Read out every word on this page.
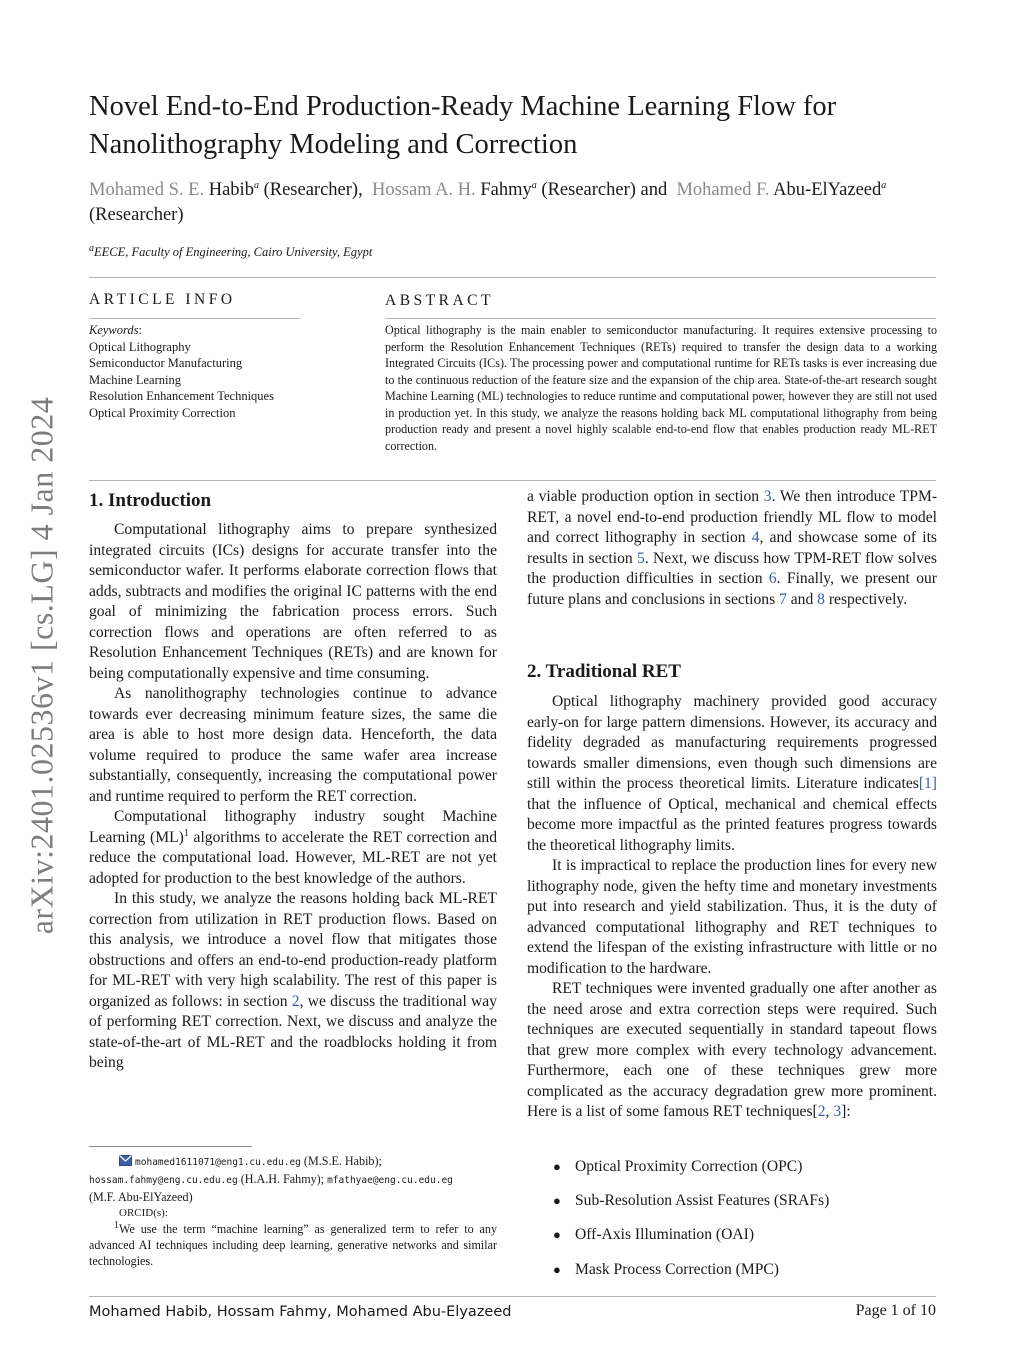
arXiv:2401.02536v1 [cs.LG] 4 Jan 2024
Novel End-to-End Production-Ready Machine Learning Flow for Nanolithography Modeling and Correction
Mohamed S. E. Habib$^a$ (Researcher), Hossam A. H. Fahmy$^a$ (Researcher) and Mohamed F. Abu-ElYazeed$^a$ (Researcher)
$^a$EECE, Faculty of Engineering, Cairo University, Egypt
ARTICLE INFO
Keywords:
Optical Lithography
Semiconductor Manufacturing
Machine Learning
Resolution Enhancement Techniques
Optical Proximity Correction
ABSTRACT
Optical lithography is the main enabler to semiconductor manufacturing. It requires extensive processing to perform the Resolution Enhancement Techniques (RETs) required to transfer the design data to a working Integrated Circuits (ICs). The processing power and computational runtime for RETs tasks is ever increasing due to the continuous reduction of the feature size and the expansion of the chip area. State-of-the-art research sought Machine Learning (ML) technologies to reduce runtime and computational power, however they are still not used in production yet. In this study, we analyze the reasons holding back ML computational lithography from being production ready and present a novel highly scalable end-to-end flow that enables production ready ML-RET correction.
1. Introduction

Computational lithography aims to prepare synthesized integrated circuits (ICs) designs for accurate transfer into the semiconductor wafer. It performs elaborate correction flows that adds, subtracts and modifies the original IC patterns with the end goal of minimizing the fabrication process errors. Such correction flows and operations are often referred to as Resolution Enhancement Techniques (RETs) and are known for being computationally expensive and time consuming.

As nanolithography technologies continue to advance towards ever decreasing minimum feature sizes, the same die area is able to host more design data. Henceforth, the data volume required to produce the same wafer area increase substantially, consequently, increasing the computational power and runtime required to perform the RET correction.

Computational lithography industry sought Machine Learning (ML)$^1$ algorithms to accelerate the RET correction and reduce the computational load. However, ML-RET are not yet adopted for production to the best knowledge of the authors.

In this study, we analyze the reasons holding back ML-RET correction from utilization in RET production flows. Based on this analysis, we introduce a novel flow that mitigates those obstructions and offers an end-to-end production-ready platform for ML-RET with very high scalability. The rest of this paper is organized as follows: in section 2, we discuss the traditional way of performing RET correction. Next, we discuss and analyze the state-of-the-art of ML-RET and the roadblocks holding it from being

mohamed1611071@eng1.cu.edu.eg (M.S.E. Habib);
hossam.fahmy@eng.cu.edu.eg (H.A.H. Fahmy); mfathyae@eng.cu.edu.eg
(M.F. Abu-ElYazeed)
ORCID(s):
$^1$We use the term “machine learning” as generalized term to refer to any advanced AI techniques including deep learning, generative networks and similar technologies.

a viable production option in section 3. We then introduce TPM-RET, a novel end-to-end production friendly ML flow to model and correct lithography in section 4, and showcase some of its results in section 5. Next, we discuss how TPM-RET flow solves the production difficulties in section 6. Finally, we present our future plans and conclusions in sections 7 and 8 respectively.

2. Traditional RET

Optical lithography machinery provided good accuracy early-on for large pattern dimensions. However, its accuracy and fidelity degraded as manufacturing requirements progressed towards smaller dimensions, even though such dimensions are still within the process theoretical limits. Literature indicates[1] that the influence of Optical, mechanical and chemical effects become more impactful as the printed features progress towards the theoretical lithography limits.

It is impractical to replace the production lines for every new lithography node, given the hefty time and monetary investments put into research and yield stabilization. Thus, it is the duty of advanced computational lithography and RET techniques to extend the lifespan of the existing infrastructure with little or no modification to the hardware.

RET techniques were invented gradually one after another as the need arose and extra correction steps were required. Such techniques are executed sequentially in standard tapeout flows that grew more complex with every technology advancement. Furthermore, each one of these techniques grew more complicated as the accuracy degradation grew more prominent. Here is a list of some famous RET techniques[2, 3]:

● Optical Proximity Correction (OPC)
● Sub-Resolution Assist Features (SRAFs)
● Off-Axis Illumination (OAI)
● Mask Process Correction (MPC)
Mohamed Habib, Hossam Fahmy, Mohamed Abu-Elyazeed	Page 1 of 10
